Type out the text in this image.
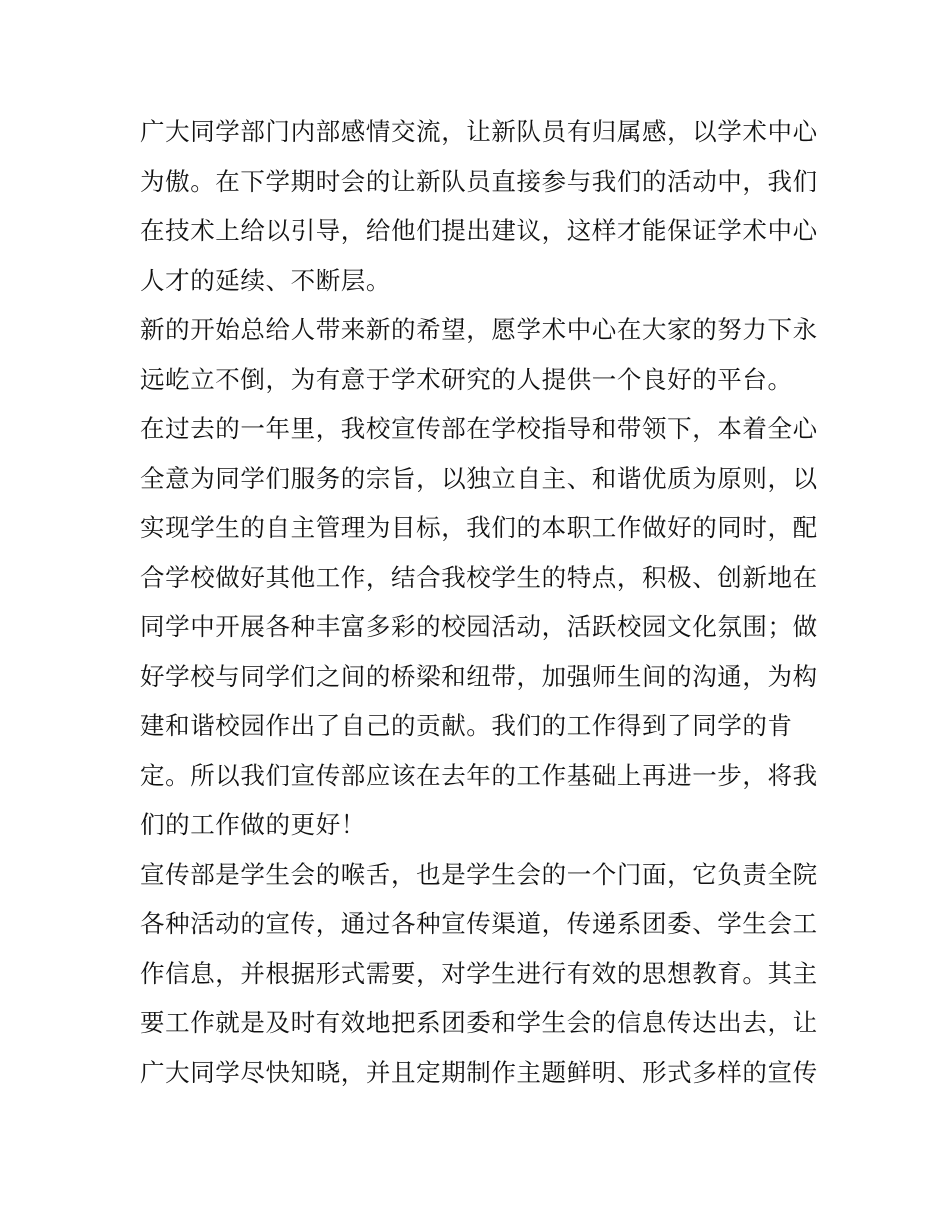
广大同学部门内部感情交流，让新队员有归属感，以学术中心
为傲。在下学期时会的让新队员直接参与我们的活动中，我们
在技术上给以引导，给他们提出建议，这样才能保证学术中心
人才的延续、不断层。
新的开始总给人带来新的希望，愿学术中心在大家的努力下永
远屹立不倒，为有意于学术研究的人提供一个良好的平台。
在过去的一年里，我校宣传部在学校指导和带领下，本着全心
全意为同学们服务的宗旨，以独立自主、和谐优质为原则，以
实现学生的自主管理为目标，我们的本职工作做好的同时，配
合学校做好其他工作，结合我校学生的特点，积极、创新地在
同学中开展各种丰富多彩的校园活动，活跃校园文化氛围；做
好学校与同学们之间的桥梁和纽带，加强师生间的沟通，为构
建和谐校园作出了自己的贡献。我们的工作得到了同学的肯
定。所以我们宣传部应该在去年的工作基础上再进一步，将我
们的工作做的更好！
宣传部是学生会的喉舌，也是学生会的一个门面，它负责全院
各种活动的宣传，通过各种宣传渠道，传递系团委、学生会工
作信息，并根据形式需要，对学生进行有效的思想教育。其主
要工作就是及时有效地把系团委和学生会的信息传达出去，让
广大同学尽快知晓，并且定期制作主题鲜明、形式多样的宣传
